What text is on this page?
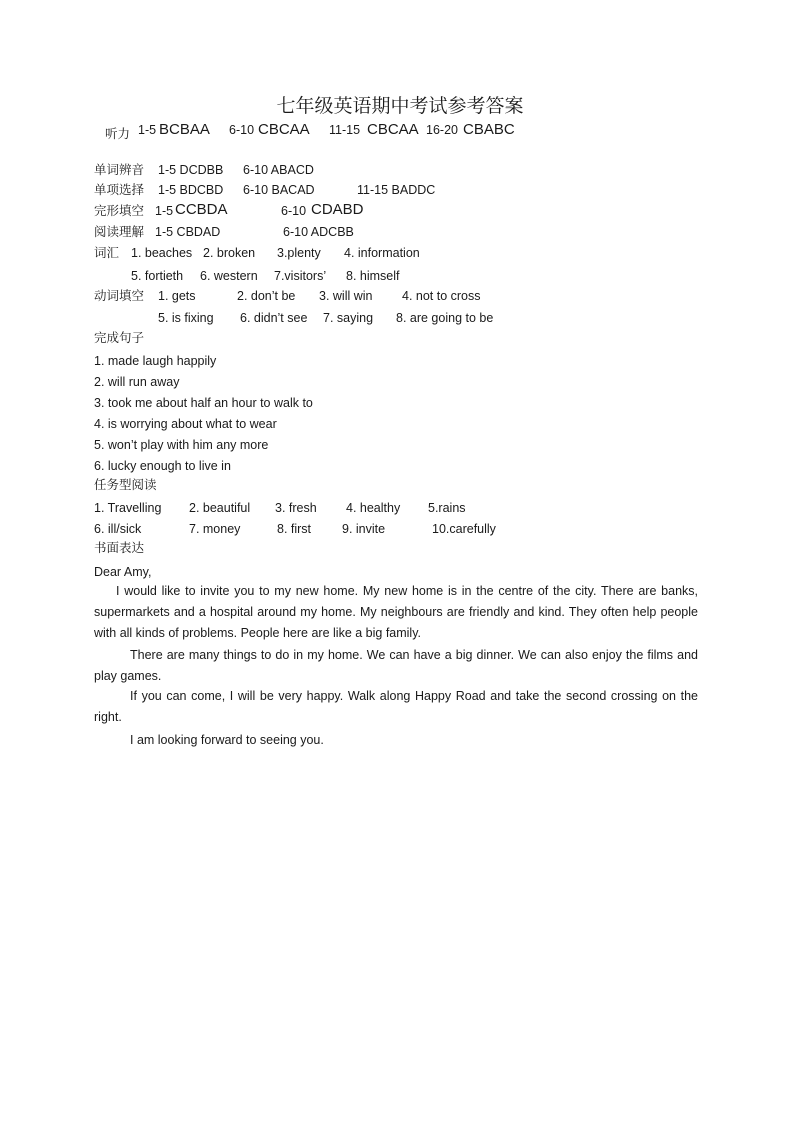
七年级英语期中考试参考答案
听力 1-5 BCBAA 6-10 CBCAA 11-15 CBCAA 16-20 CBABC
单词辨音 1-5 DCDBB 6-10 ABACD
单项选择 1-5 BDCBD 6-10 BACAD	11-15 BADDC
完形填空 1-5 CCBDA	6-10 CDABD
阅读理解 1-5 CBDAD	6-10 ADCBB
词汇 1. beaches 2. broken 3.plenty 4. information
5. fortieth 6. western 7.visitors’ 8. himself
动词填空 1. gets	2. don’t be 3. will win 4. not to cross
5. is fixing 6. didn’t see 7. saying 8. are going to be
完成句子
1. made laugh happily
2. will run away
3. took me about half an hour to walk to
4. is worrying about what to wear
5. won’t play with him any more
6. lucky enough to live in
任务型阅读
1. Travelling 2. beautiful 3. fresh 4. healthy 5.rains
6. ill/sick	7. money	8. first 9. invite	10.carefully
书面表达
Dear Amy,
I would like to invite you to my new home. My new home is in the centre of the city. There are banks, supermarkets and a hospital around my home. My neighbours are friendly and kind. They often help people with all kinds of problems. People here are like a big family.
There are many things to do in my home. We can have a big dinner. We can also enjoy the films and play games.
If you can come, I will be very happy. Walk along Happy Road and take the second crossing on the right.
I am looking forward to seeing you.
